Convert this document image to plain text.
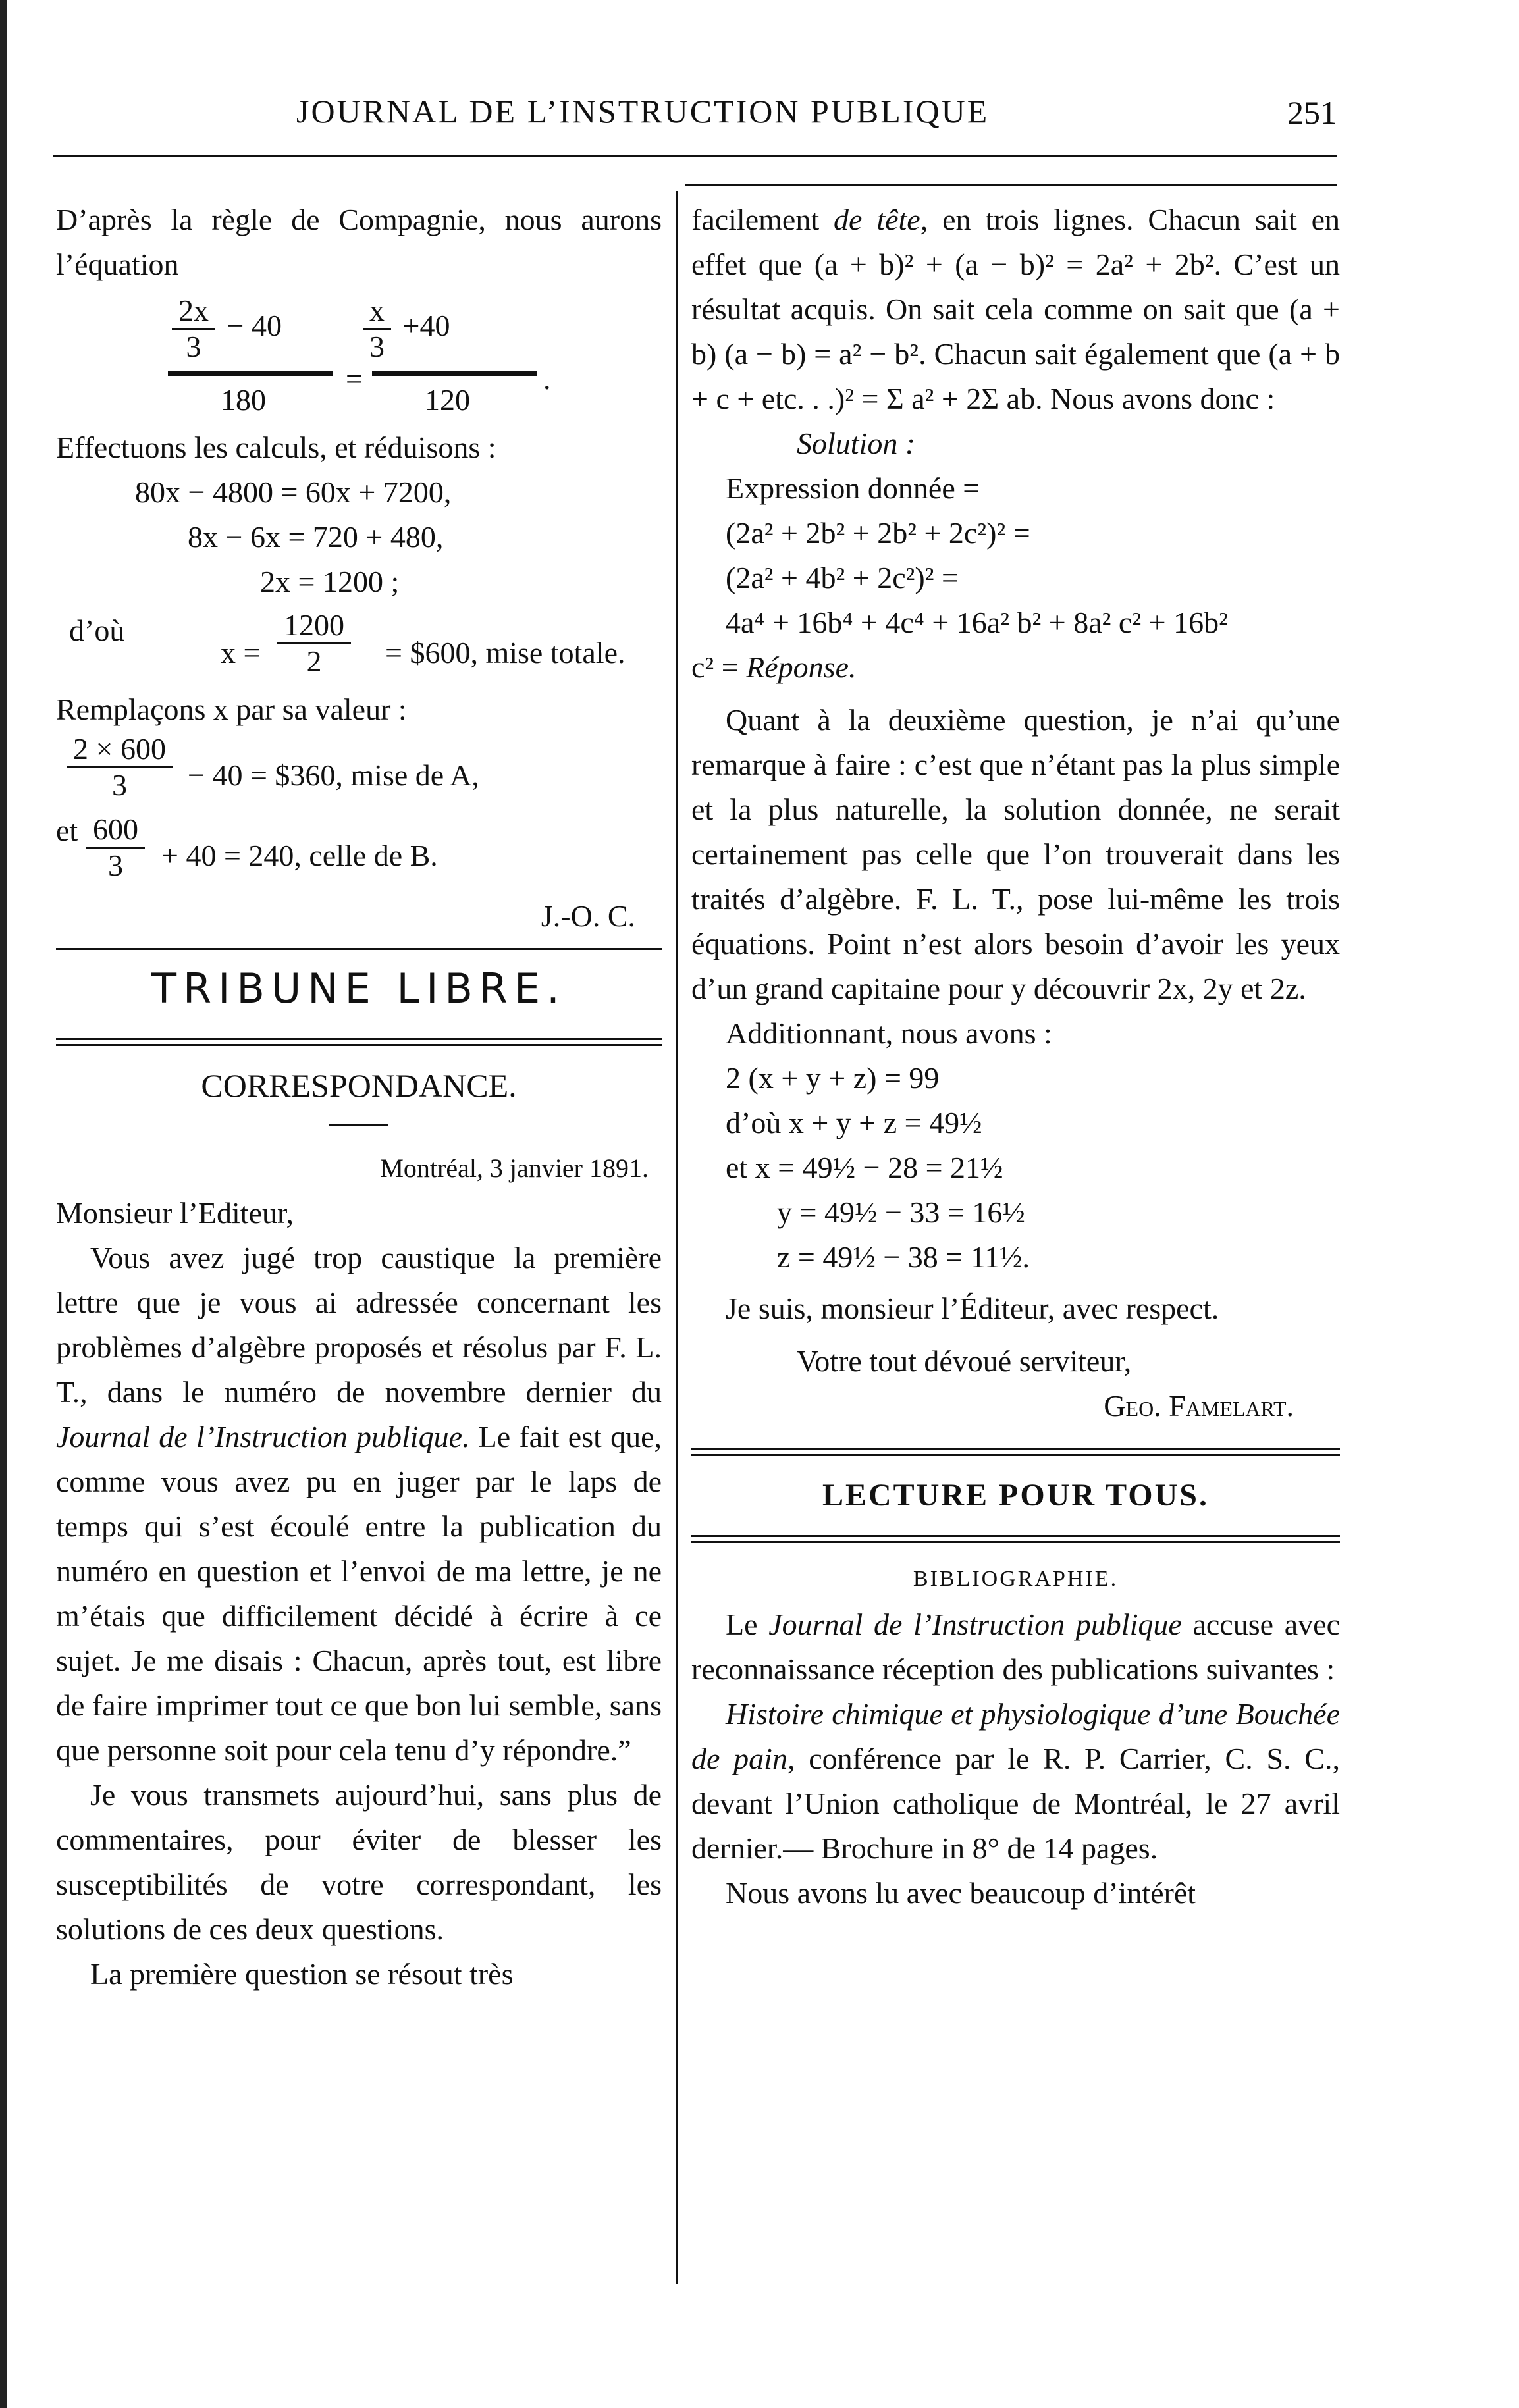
JOURNAL DE L’INSTRUCTION PUBLIQUE	251

D’après la règle de Compagnie, nous aurons l’équation

$\frac{2x}{3} - 40$	$\frac{x}{3} +40$
=	.
180	120

Effectuons les calculs, et réduisons :

80x − 4800 = 60x + 7200,

8x − 6x = 720 + 480,

2x = 1200 ;

d’où
$x = \frac{1200}{2}$ = $600, mise totale.

Remplaçons x par sa valeur :

$\frac{2 \times 600}{3} - 40$ = $360, mise de A,
et $\frac{600}{3} + 40 = 240$, celle de B.

J.-O. C.

TRIBUNE LIBRE.

CORRESPONDANCE.

Montréal, 3 janvier 1891.

Monsieur l’Editeur,

Vous avez jugé trop caustique la première lettre que je vous ai adressée concernant les problèmes d’algèbre proposés et résolus par F. L. T., dans le numéro de novembre dernier du Journal de l’Instruction publique. Le fait est que, comme vous avez pu en juger par le laps de temps qui s’est écoulé entre la publication du numéro en question et l’envoi de ma lettre, je ne m’étais que difficilement décidé à écrire à ce sujet. Je me disais : Chacun, après tout, est libre de faire imprimer tout ce que bon lui semble, sans que personne soit pour cela tenu d’y répondre.”

Je vous transmets aujourd’hui, sans plus de commentaires, pour éviter de blesser les susceptibilités de votre correspondant, les solutions de ces deux questions.

La première question se résout très

facilement de tête, en trois lignes. Chacun sait en effet que (a + b)² + (a − b)² = 2a² + 2b². C’est un résultat acquis. On sait cela comme on sait que (a + b) (a − b) = a² − b². Chacun sait également que (a + b + c + etc. . .)² = Σ a² + 2Σ ab. Nous avons donc :

Solution :

Expression donnée =

(2a² + 2b² + 2b² + 2c²)² =

(2a² + 4b² + 2c²)² =

4a⁴ + 16b⁴ + 4c⁴ + 16a² b² + 8a² c² + 16b²

c² = Réponse.

Quant à la deuxième question, je n’ai qu’une remarque à faire : c’est que n’étant pas la plus simple et la plus naturelle, la solution donnée, ne serait certainement pas celle que l’on trouverait dans les traités d’algèbre. F. L. T., pose lui-même les trois équations. Point n’est alors besoin d’avoir les yeux d’un grand capitaine pour y découvrir 2x, 2y et 2z.

Additionnant, nous avons :

2 (x + y + z) = 99

d’où x + y + z = 49½

et x = 49½ − 28 = 21½

y = 49½ − 33 = 16½

z = 49½ − 38 = 11½.

Je suis, monsieur l’Éditeur, avec respect.

Votre tout dévoué serviteur,

Geo. Famelart.

LECTURE POUR TOUS.

BIBLIOGRAPHIE.

Le Journal de l’Instruction publique accuse avec reconnaissance réception des publications suivantes :

Histoire chimique et physiologique d’une Bouchée de pain, conférence par le R. P. Carrier, C. S. C., devant l’Union catholique de Montréal, le 27 avril dernier.— Brochure in 8° de 14 pages.

Nous avons lu avec beaucoup d’intérêt
